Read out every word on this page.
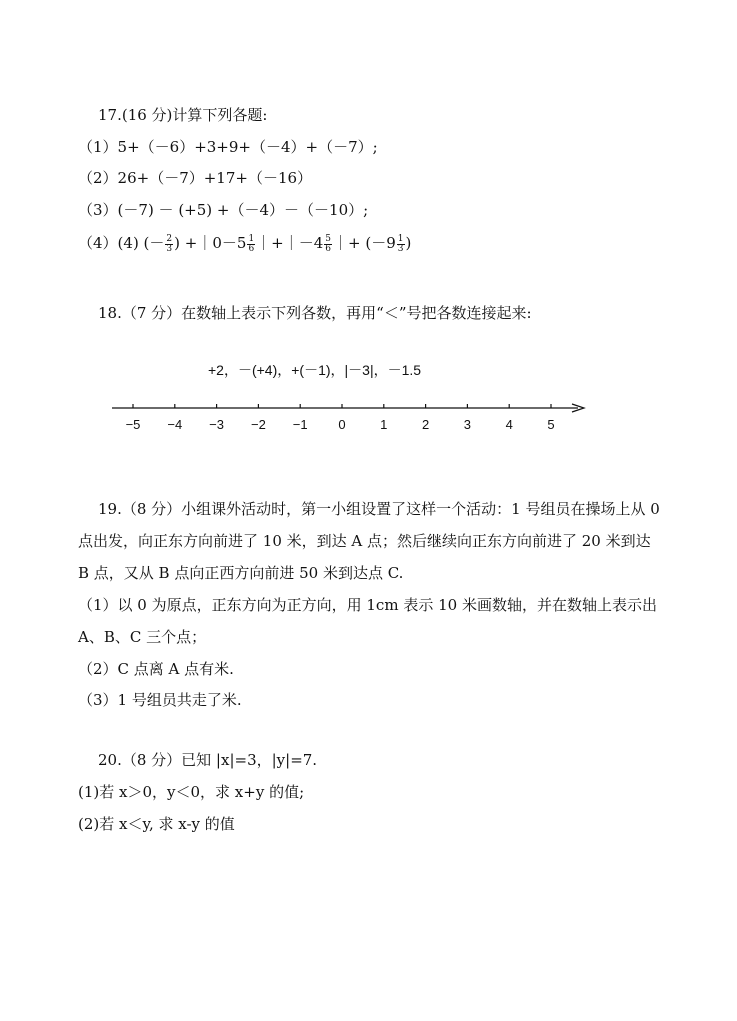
17.(16 分)计算下列各题:
（1）5+（－6）+3+9+（－4）+（－7）;
（2）26+（－7）+17+（－16）
（3）(－7) － (+5) +（－4）－（－10）;
（4）(4) (－ $\frac{2}{3}$ ) +｜0－5 $\frac{1}{6}$ ｜+｜－4 $\frac{5}{6}$ ｜+ ($-9 \frac{1}{3}$ )
18.（7 分）在数轴上表示下列各数，再用“＜”号把各数连接起来:
+2，－(+4)，+(－1)，|－3|，－1.5
−5 −4 −3 −2 −1 0	1	2	3	4	5
19.（8 分）小组课外活动时，第一小组设置了这样一个活动：1 号组员在操场上从 0
点出发，向正东方向前进了 10 米，到达 A 点；然后继续向正东方向前进了 20 米到达
B 点，又从 B 点向正西方向前进 50 米到达点 C.
（1）以 0 为原点，正东方向为正方向，用 1cm 表示 10 米画数轴，并在数轴上表示出
A、B、C 三个点；
（2）C 点离 A 点有米.
（3）1 号组员共走了米.
20.（8 分）已知 |x|=3，|y|=7.
(1)若 x＞0，y＜0，求 x+y 的值;
(2)若 x＜y, 求 x-y 的值
